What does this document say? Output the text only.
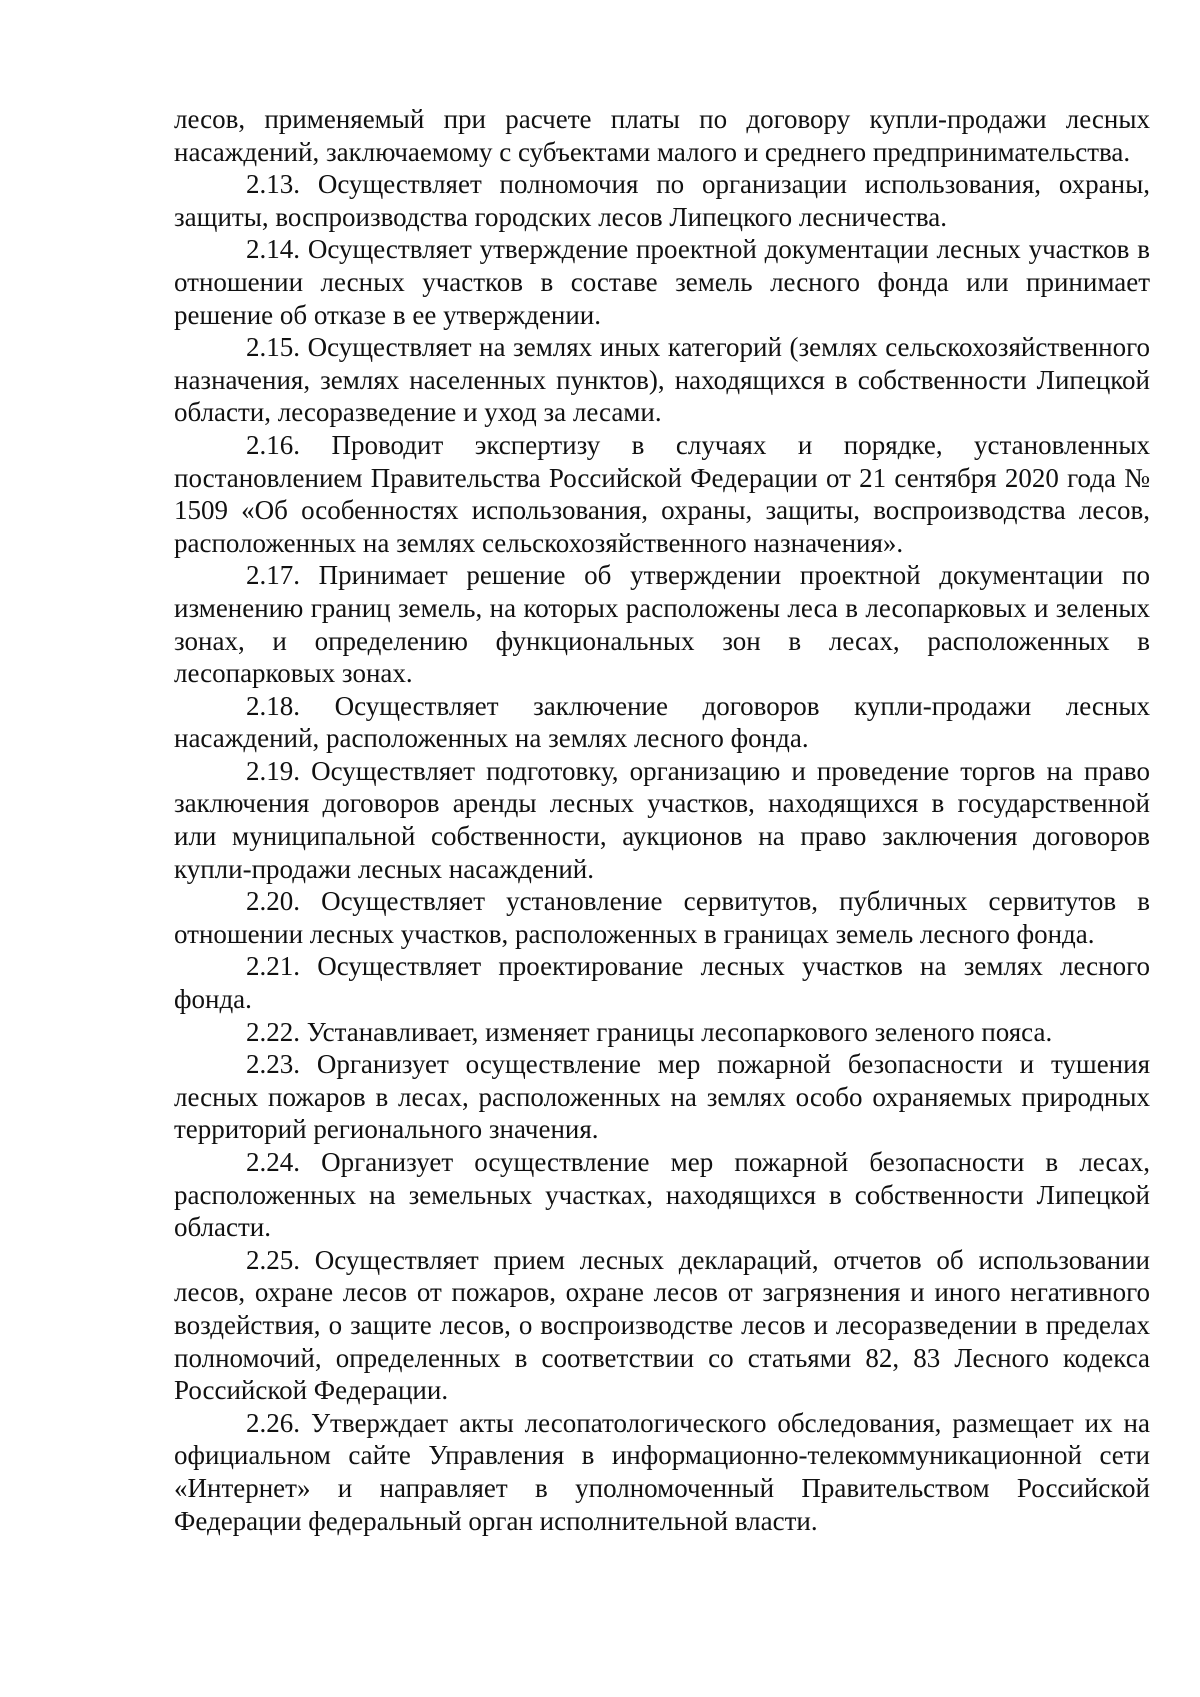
лесов, применяемый при расчете платы по договору купли-продажи лесных насаждений, заключаемому с субъектами малого и среднего предпринимательства.

2.13. Осуществляет полномочия по организации использования, охраны, защиты, воспроизводства городских лесов Липецкого лесничества.

2.14. Осуществляет утверждение проектной документации лесных участков в отношении лесных участков в составе земель лесного фонда или принимает решение об отказе в ее утверждении.

2.15. Осуществляет на землях иных категорий (землях сельскохозяйственного назначения, землях населенных пунктов), находящихся в собственности Липецкой области, лесоразведение и уход за лесами.

2.16. Проводит экспертизу в случаях и порядке, установленных постановлением Правительства Российской Федерации от 21 сентября 2020 года № 1509 «Об особенностях использования, охраны, защиты, воспроизводства лесов, расположенных на землях сельскохозяйственного назначения».

2.17. Принимает решение об утверждении проектной документации по изменению границ земель, на которых расположены леса в лесопарковых и зеленых зонах, и определению функциональных зон в лесах, расположенных в лесопарковых зонах.

2.18. Осуществляет заключение договоров купли-продажи лесных насаждений, расположенных на землях лесного фонда.

2.19. Осуществляет подготовку, организацию и проведение торгов на право заключения договоров аренды лесных участков, находящихся в государственной или муниципальной собственности, аукционов на право заключения договоров купли-продажи лесных насаждений.

2.20. Осуществляет установление сервитутов, публичных сервитутов в отношении лесных участков, расположенных в границах земель лесного фонда.

2.21. Осуществляет проектирование лесных участков на землях лесного фонда.

2.22. Устанавливает, изменяет границы лесопаркового зеленого пояса.

2.23. Организует осуществление мер пожарной безопасности и тушения лесных пожаров в лесах, расположенных на землях особо охраняемых природных территорий регионального значения.

2.24. Организует осуществление мер пожарной безопасности в лесах, расположенных на земельных участках, находящихся в собственности Липецкой области.

2.25. Осуществляет прием лесных деклараций, отчетов об использовании лесов, охране лесов от пожаров, охране лесов от загрязнения и иного негативного воздействия, о защите лесов, о воспроизводстве лесов и лесоразведении в пределах полномочий, определенных в соответствии со статьями 82, 83 Лесного кодекса Российской Федерации.

2.26. Утверждает акты лесопатологического обследования, размещает их на официальном сайте Управления в информационно-телекоммуникационной сети «Интернет» и направляет в уполномоченный Правительством Российской Федерации федеральный орган исполнительной власти.
